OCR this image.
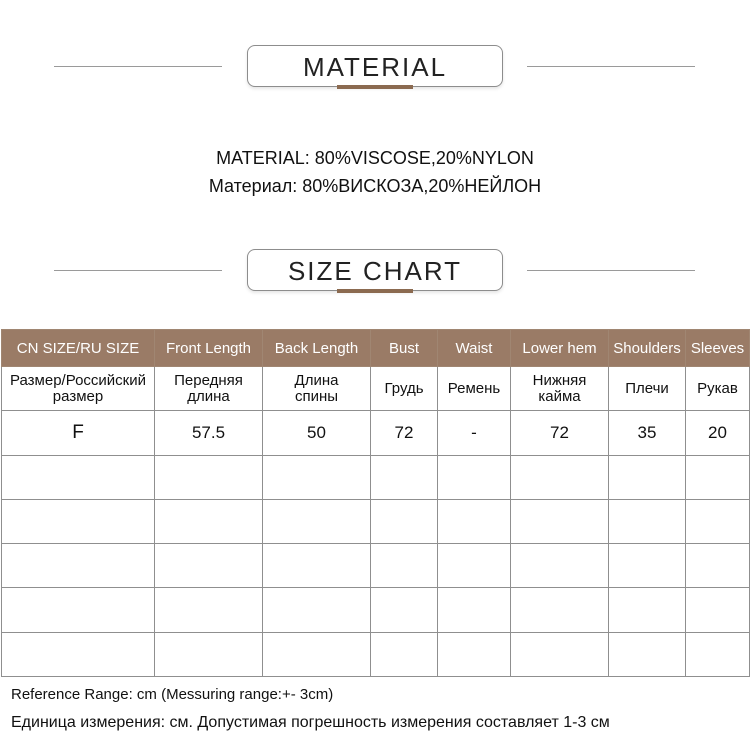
MATERIAL
MATERIAL: 80%VISCOSE,20%NYLON
Материал: 80%ВИСКОЗА,20%НЕЙЛОН
SIZE CHART
CN SIZE/RU SIZE	Front Length	Back Length	Bust	Waist	Lower hem	Shoulders	Sleeves
Размер/Российский размер	Передняя длина	Длина спины	Грудь	Ремень	Нижняя кайма	Плечи	Рукав
F	57.5	50	72	-	72	35	20

Reference Range: cm (Messuring range:+- 3cm)
Единица измерения: см. Допустимая погрешность измерения составляет 1-3 см
